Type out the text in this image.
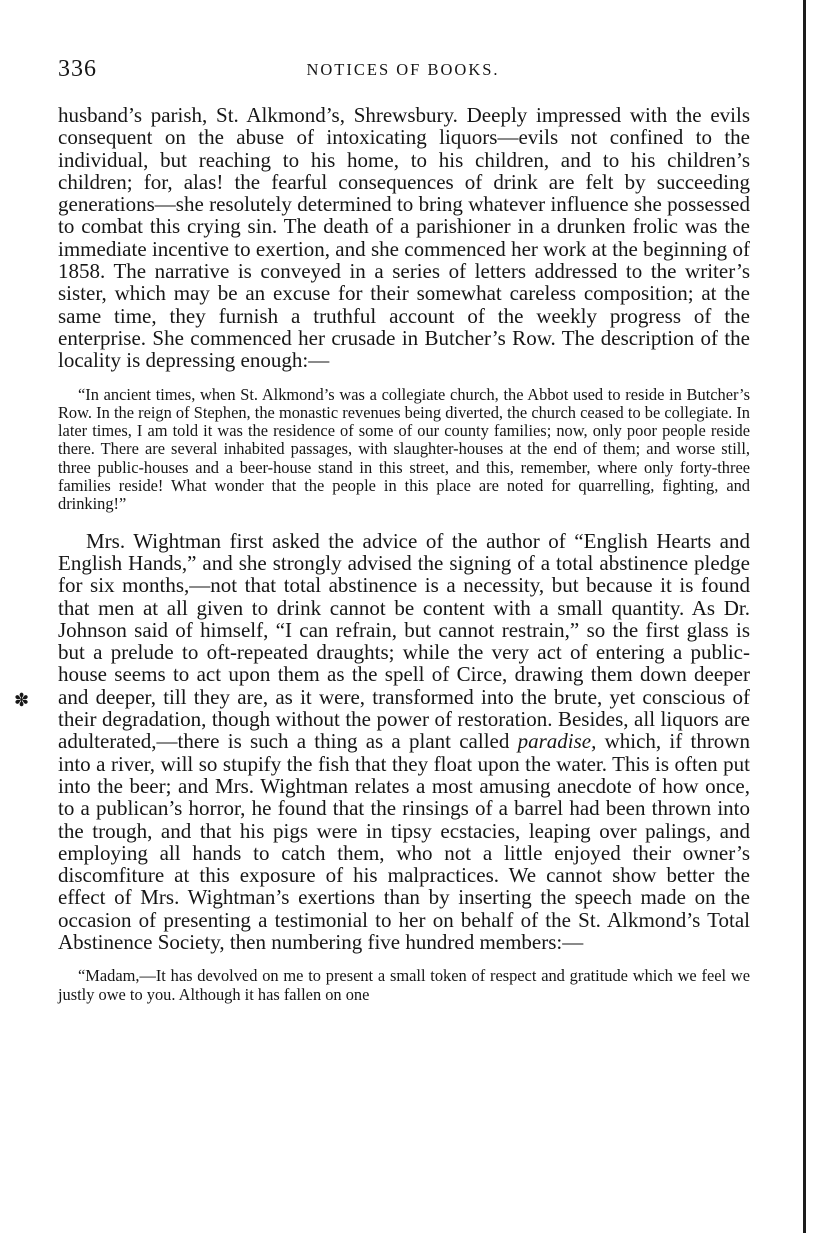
336	NOTICES OF BOOKS.
✽

husband’s parish, St. Alkmond’s, Shrewsbury. Deeply impressed with the evils consequent on the abuse of intoxicating liquors—evils not confined to the individual, but reaching to his home, to his children, and to his children’s children; for, alas! the fearful consequences of drink are felt by succeeding generations—she resolutely determined to bring whatever influence she possessed to combat this crying sin. The death of a parishioner in a drunken frolic was the immediate incentive to exertion, and she commenced her work at the beginning of 1858. The narrative is conveyed in a series of letters addressed to the writer’s sister, which may be an excuse for their somewhat careless composition; at the same time, they furnish a truthful account of the weekly progress of the enterprise. She commenced her crusade in Butcher’s Row. The description of the locality is depressing enough:—

“In ancient times, when St. Alkmond’s was a collegiate church, the Abbot used to reside in Butcher’s Row. In the reign of Stephen, the monastic revenues being diverted, the church ceased to be collegiate. In later times, I am told it was the residence of some of our county families; now, only poor people reside there. There are several inhabited passages, with slaughter-houses at the end of them; and worse still, three public-houses and a beer-house stand in this street, and this, remember, where only forty-three families reside! What wonder that the people in this place are noted for quarrelling, fighting, and drinking!”

Mrs. Wightman first asked the advice of the author of “English Hearts and English Hands,” and she strongly advised the signing of a total abstinence pledge for six months,—not that total abstinence is a necessity, but because it is found that men at all given to drink cannot be content with a small quantity. As Dr. Johnson said of himself, “I can refrain, but cannot restrain,” so the first glass is but a prelude to oft-repeated draughts; while the very act of entering a public-house seems to act upon them as the spell of Circe, drawing them down deeper and deeper, till they are, as it were, transformed into the brute, yet conscious of their degradation, though without the power of restoration. Besides, all liquors are adulterated,—there is such a thing as a plant called paradise, which, if thrown into a river, will so stupify the fish that they float upon the water. This is often put into the beer; and Mrs. Wightman relates a most amusing anecdote of how once, to a publican’s horror, he found that the rinsings of a barrel had been thrown into the trough, and that his pigs were in tipsy ecstacies, leaping over palings, and employing all hands to catch them, who not a little enjoyed their owner’s discomfiture at this exposure of his malpractices. We cannot show better the effect of Mrs. Wightman’s exertions than by inserting the speech made on the occasion of presenting a testimonial to her on behalf of the St. Alkmond’s Total Abstinence Society, then numbering five hundred members:—

“Madam,—It has devolved on me to present a small token of respect and gratitude which we feel we justly owe to you. Although it has fallen on one
